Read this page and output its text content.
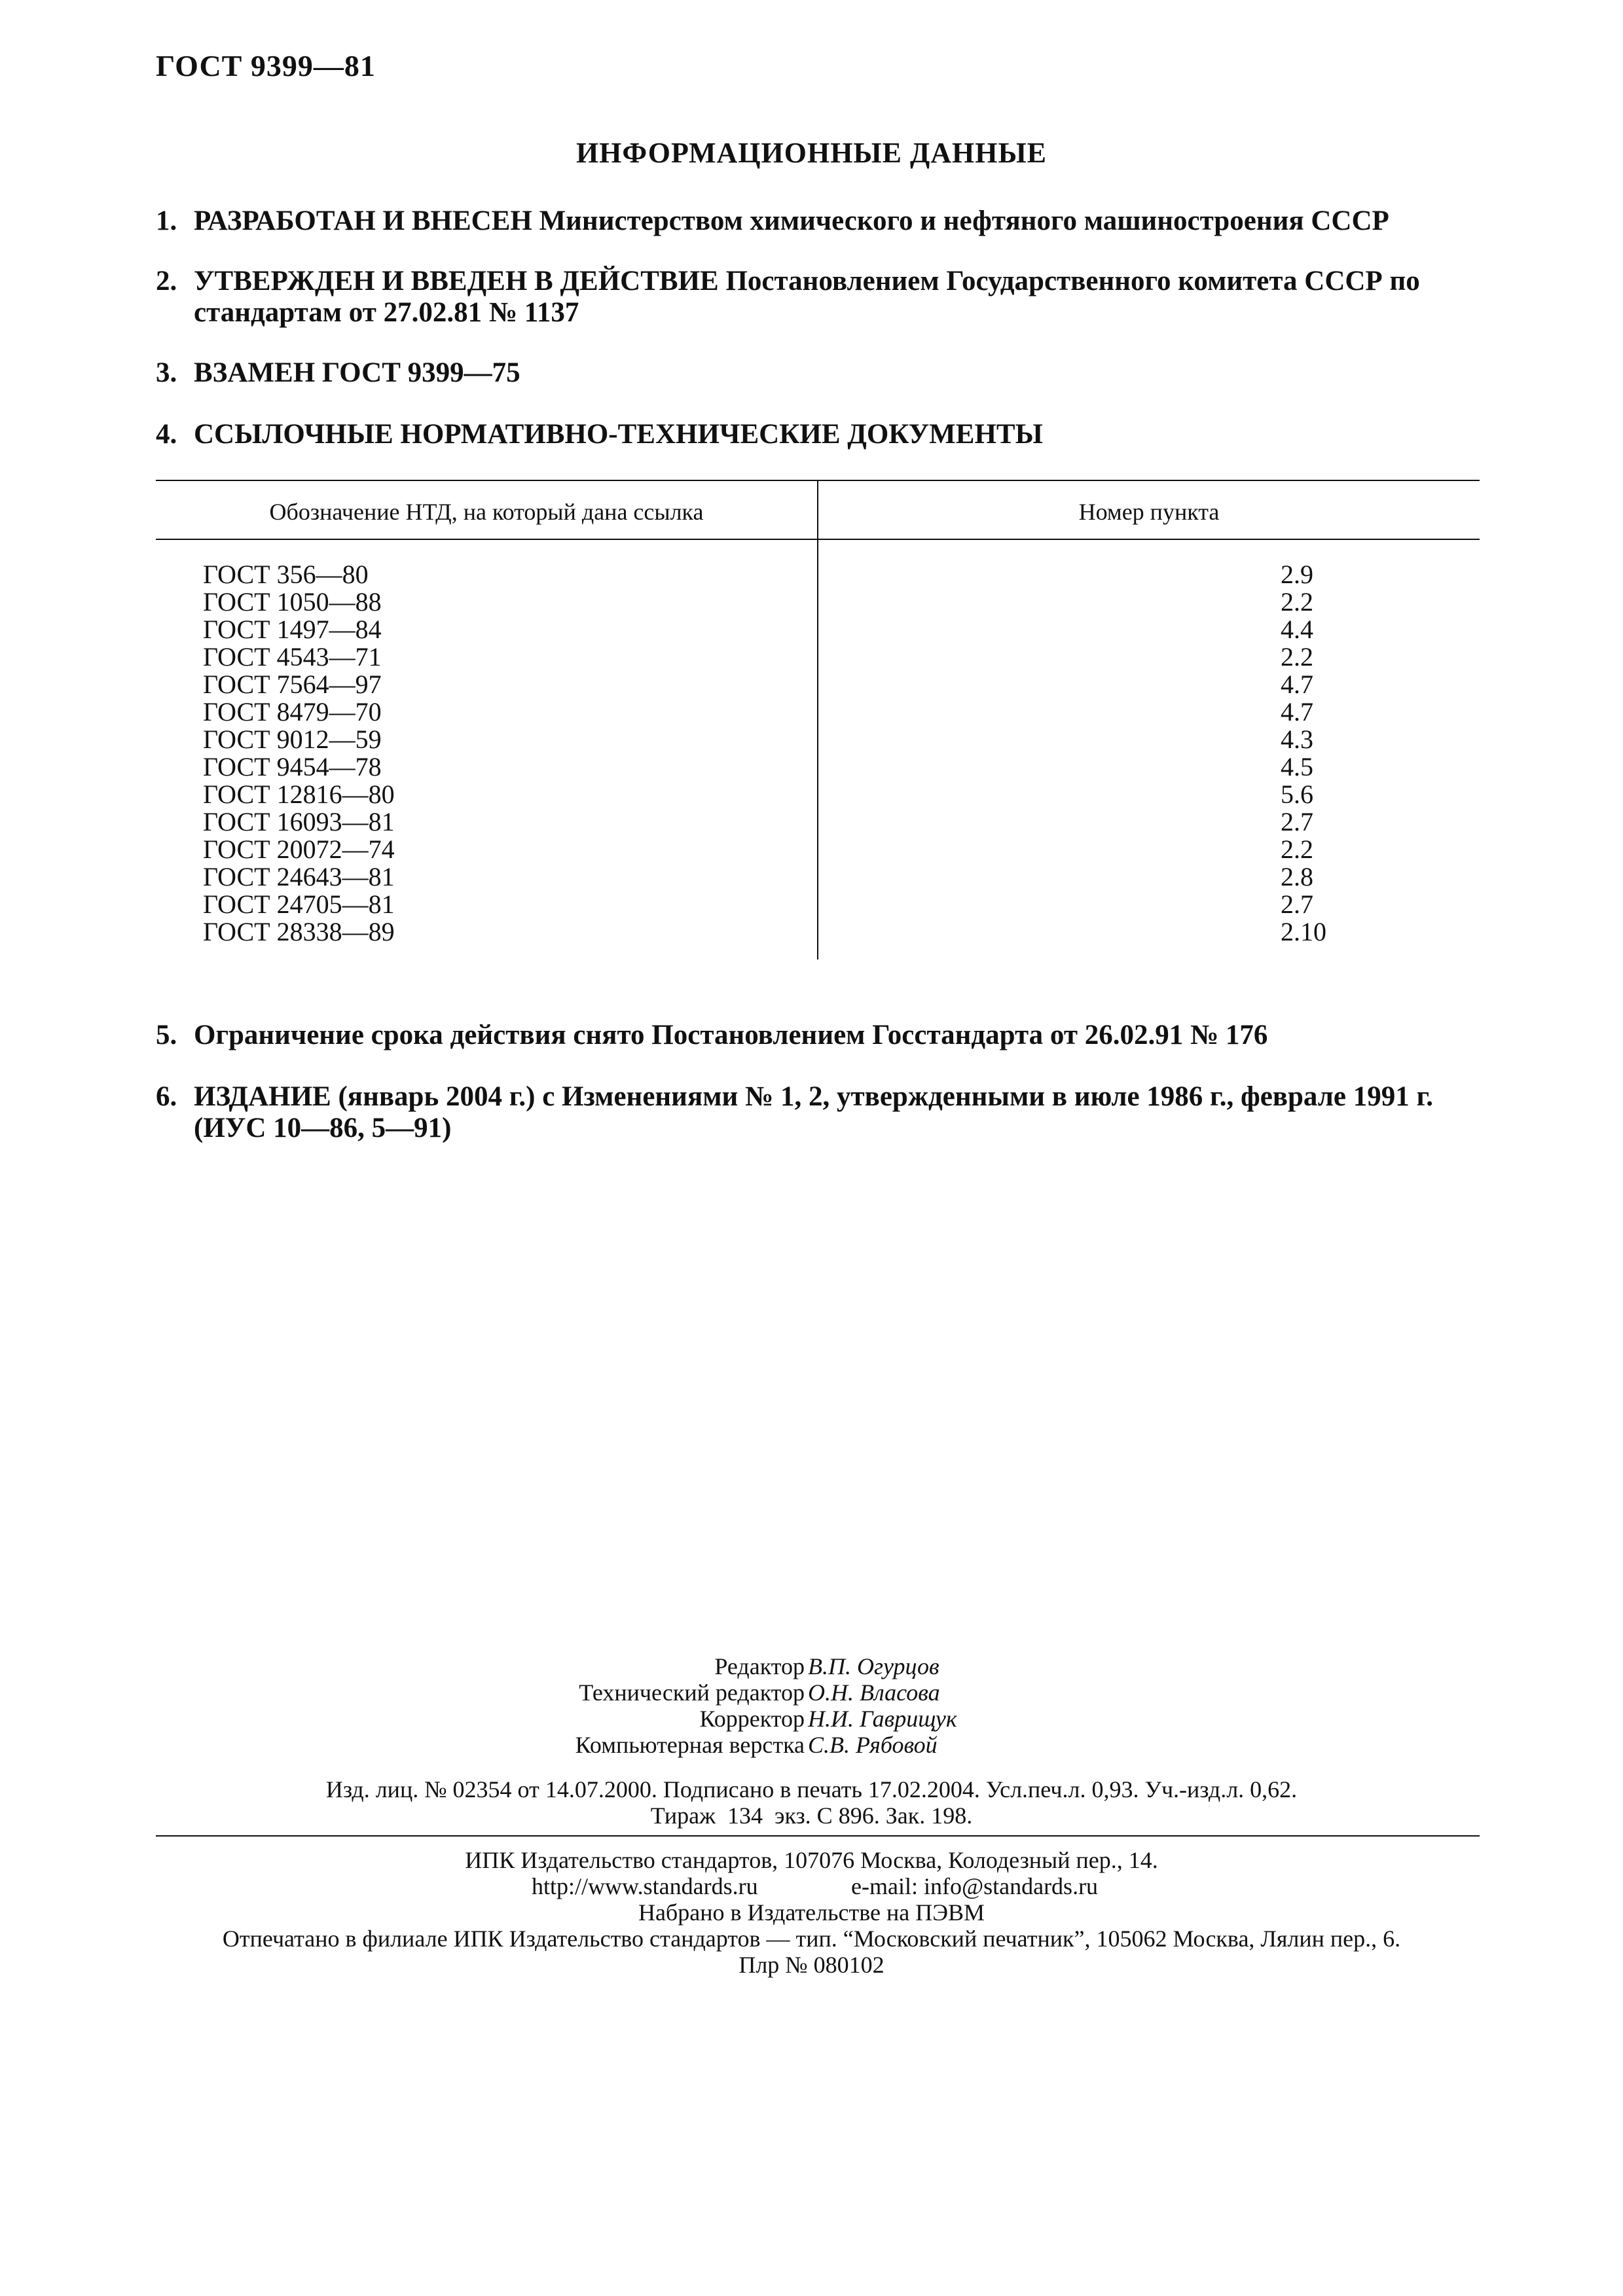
ГОСТ 9399—81
ИНФОРМАЦИОННЫЕ ДАННЫЕ
1. РАЗРАБОТАН И ВНЕСЕН Министерством химического и нефтяного машиностроения СССР
2. УТВЕРЖДЕН И ВВЕДЕН В ДЕЙСТВИЕ Постановлением Государственного комитета СССР по стандартам от 27.02.81 № 1137
3. ВЗАМЕН ГОСТ 9399—75
4. ССЫЛОЧНЫЕ НОРМАТИВНО-ТЕХНИЧЕСКИЕ ДОКУМЕНТЫ
Обозначение НТД, на который дана ссылка	Номер пункта
ГОСТ 356—80
ГОСТ 1050—88
ГОСТ 1497—84
ГОСТ 4543—71
ГОСТ 7564—97
ГОСТ 8479—70
ГОСТ 9012—59
ГОСТ 9454—78
ГОСТ 12816—80
ГОСТ 16093—81
ГОСТ 20072—74
ГОСТ 24643—81
ГОСТ 24705—81
ГОСТ 28338—89
2.9
2.2
4.4
2.2
4.7
4.7
4.3
4.5
5.6
2.7
2.2
2.8
2.7
2.10
5. Ограничение срока действия снято Постановлением Госстандарта от 26.02.91 № 176
6. ИЗДАНИЕ (январь 2004 г.) с Изменениями № 1, 2, утвержденными в июле 1986 г., феврале 1991 г. (ИУС 10—86, 5—91)
Редактор В.П. Огурцов
Технический редактор О.Н. Власова
Корректор Н.И. Гаврищук
Компьютерная верстка С.В. Рябовой
Изд. лиц. № 02354 от 14.07.2000. Подписано в печать 17.02.2004. Усл.печ.л. 0,93. Уч.-изд.л. 0,62.
Тираж  134  экз. С 896. Зак. 198.
ИПК Издательство стандартов, 107076 Москва, Колодезный пер., 14.
http://www.standards.ru	e-mail: info@standards.ru
Набрано в Издательстве на ПЭВМ
Отпечатано в филиале ИПК Издательство стандартов — тип. “Московский печатник”, 105062 Москва, Лялин пер., 6.
Плр № 080102
